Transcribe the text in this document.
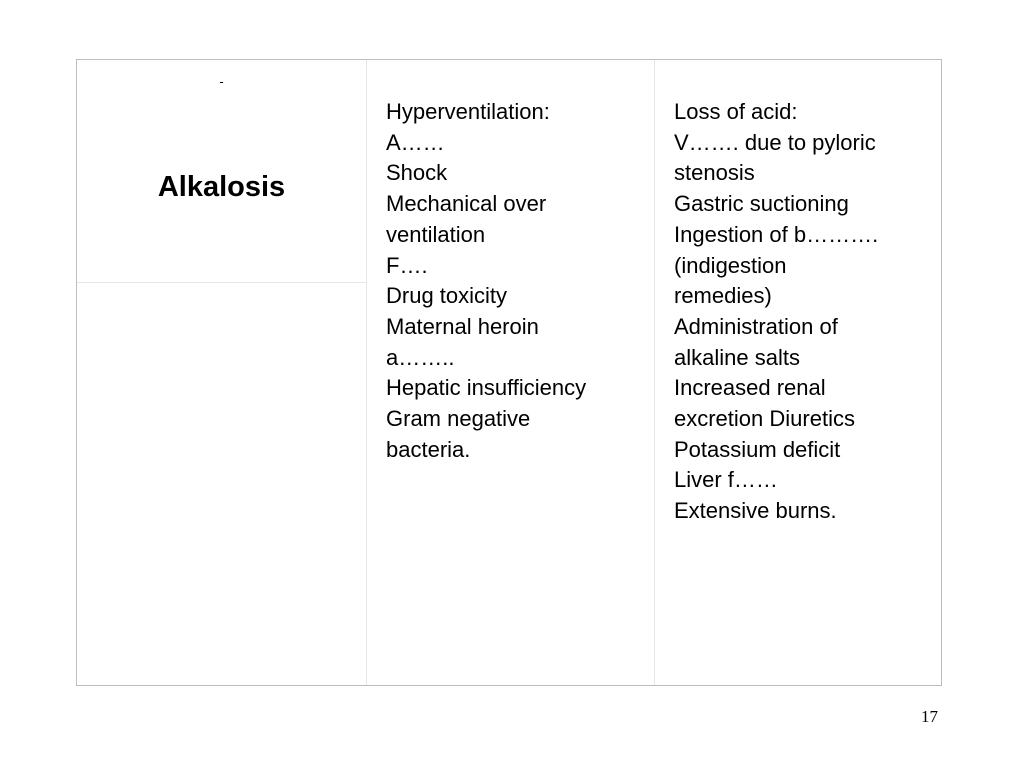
-
Alkalosis
Hyperventilation:
A……
Shock
Mechanical over
ventilation
F….
Drug toxicity
Maternal heroin
a……..
Hepatic insufficiency
Gram negative
bacteria.
Loss of acid:
V……. due to pyloric
stenosis
Gastric suctioning
Ingestion of b……….
(indigestion
remedies)
Administration of
alkaline salts
Increased renal
excretion Diuretics
Potassium deficit
Liver f……
Extensive burns.
17
